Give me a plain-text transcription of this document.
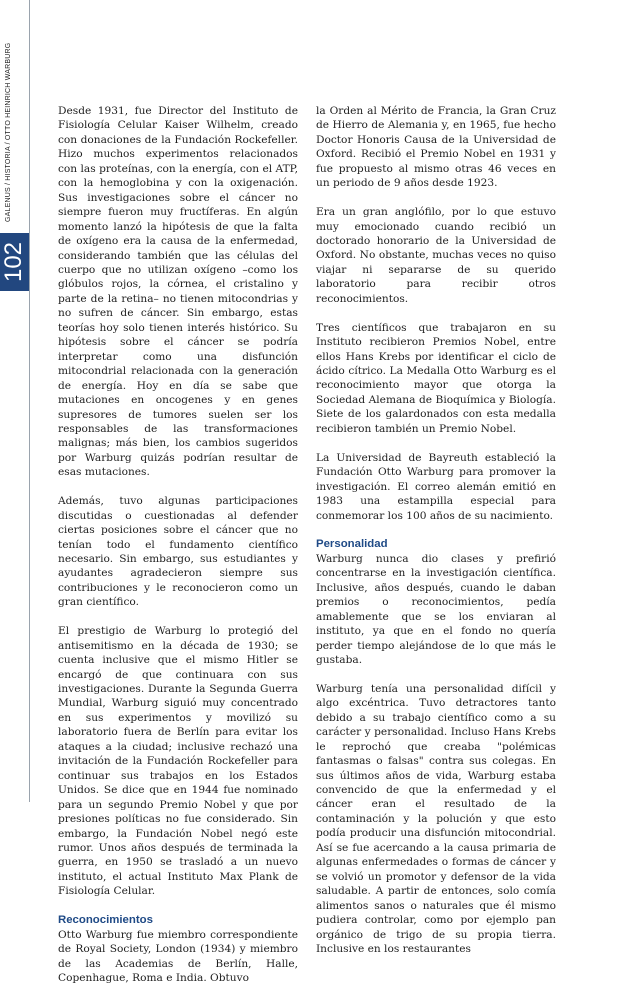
GALENUS / HISTORIA / OTTO HEINRICH WARBURG
102

Desde 1931, fue Director del Instituto de Fisiología Celular Kaiser Wilhelm, creado con donaciones de la Fundación Rockefeller. Hizo muchos experimentos relacionados con las proteínas, con la energía, con el ATP, con la hemoglobina y con la oxigenación. Sus investigaciones sobre el cáncer no siempre fueron muy fructíferas. En algún momento lanzó la hipótesis de que la falta de oxígeno era la causa de la enfermedad, considerando también que las células del cuerpo que no utilizan oxígeno –como los glóbulos rojos, la córnea, el cristalino y parte de la retina– no tienen mitocondrias y no sufren de cáncer. Sin embargo, estas teorías hoy solo tienen interés histórico. Su hipótesis sobre el cáncer se podría interpretar como una disfunción mitocondrial relacionada con la generación de energía. Hoy en día se sabe que mutaciones en oncogenes y en genes supresores de tumores suelen ser los responsables de las transformaciones malignas; más bien, los cambios sugeridos por Warburg quizás podrían resultar de esas mutaciones.

Además, tuvo algunas participaciones discutidas o cuestionadas al defender ciertas posiciones sobre el cáncer que no tenían todo el fundamento científico necesario. Sin embargo, sus estudiantes y ayudantes agradecieron siempre sus contribuciones y le reconocieron como un gran científico.

El prestigio de Warburg lo protegió del antisemitismo en la década de 1930; se cuenta inclusive que el mismo Hitler se encargó de que continuara con sus investigaciones. Durante la Segunda Guerra Mundial, Warburg siguió muy concentrado en sus experimentos y movilizó su laboratorio fuera de Berlín para evitar los ataques a la ciudad; inclusive rechazó una invitación de la Fundación Rockefeller para continuar sus trabajos en los Estados Unidos. Se dice que en 1944 fue nominado para un segundo Premio Nobel y que por presiones políticas no fue considerado. Sin embargo, la Fundación Nobel negó este rumor. Unos años después de terminada la guerra, en 1950 se trasladó a un nuevo instituto, el actual Instituto Max Plank de Fisiología Celular.

Reconocimientos

Otto Warburg fue miembro correspondiente de Royal Society, London (1934) y miembro de las Academias de Berlín, Halle, Copenhague, Roma e India. Obtuvo

la Orden al Mérito de Francia, la Gran Cruz de Hierro de Alemania y, en 1965, fue hecho Doctor Honoris Causa de la Universidad de Oxford. Recibió el Premio Nobel en 1931 y fue propuesto al mismo otras 46 veces en un periodo de 9 años desde 1923.

Era un gran anglófilo, por lo que estuvo muy emocionado cuando recibió un doctorado honorario de la Universidad de Oxford. No obstante, muchas veces no quiso viajar ni separarse de su querido laboratorio para recibir otros reconocimientos.

Tres científicos que trabajaron en su Instituto recibieron Premios Nobel, entre ellos Hans Krebs por identificar el ciclo de ácido cítrico. La Medalla Otto Warburg es el reconocimiento mayor que otorga la Sociedad Alemana de Bioquímica y Biología. Siete de los galardonados con esta medalla recibieron también un Premio Nobel.

La Universidad de Bayreuth estableció la Fundación Otto Warburg para promover la investigación. El correo alemán emitió en 1983 una estampilla especial para conmemorar los 100 años de su nacimiento.

Personalidad

Warburg nunca dio clases y prefirió concentrarse en la investigación científica. Inclusive, años después, cuando le daban premios o reconocimientos, pedía amablemente que se los enviaran al instituto, ya que en el fondo no quería perder tiempo alejándose de lo que más le gustaba.

Warburg tenía una personalidad difícil y algo excéntrica. Tuvo detractores tanto debido a su trabajo científico como a su carácter y personalidad. Incluso Hans Krebs le reprochó que creaba "polémicas fantasmas o falsas" contra sus colegas. En sus últimos años de vida, Warburg estaba convencido de que la enfermedad y el cáncer eran el resultado de la contaminación y la polución y que esto podía producir una disfunción mitocondrial. Así se fue acercando a la causa primaria de algunas enfermedades o formas de cáncer y se volvió un promotor y defensor de la vida saludable. A partir de entonces, solo comía alimentos sanos o naturales que él mismo pudiera controlar, como por ejemplo pan orgánico de trigo de su propia tierra. Inclusive en los restaurantes
